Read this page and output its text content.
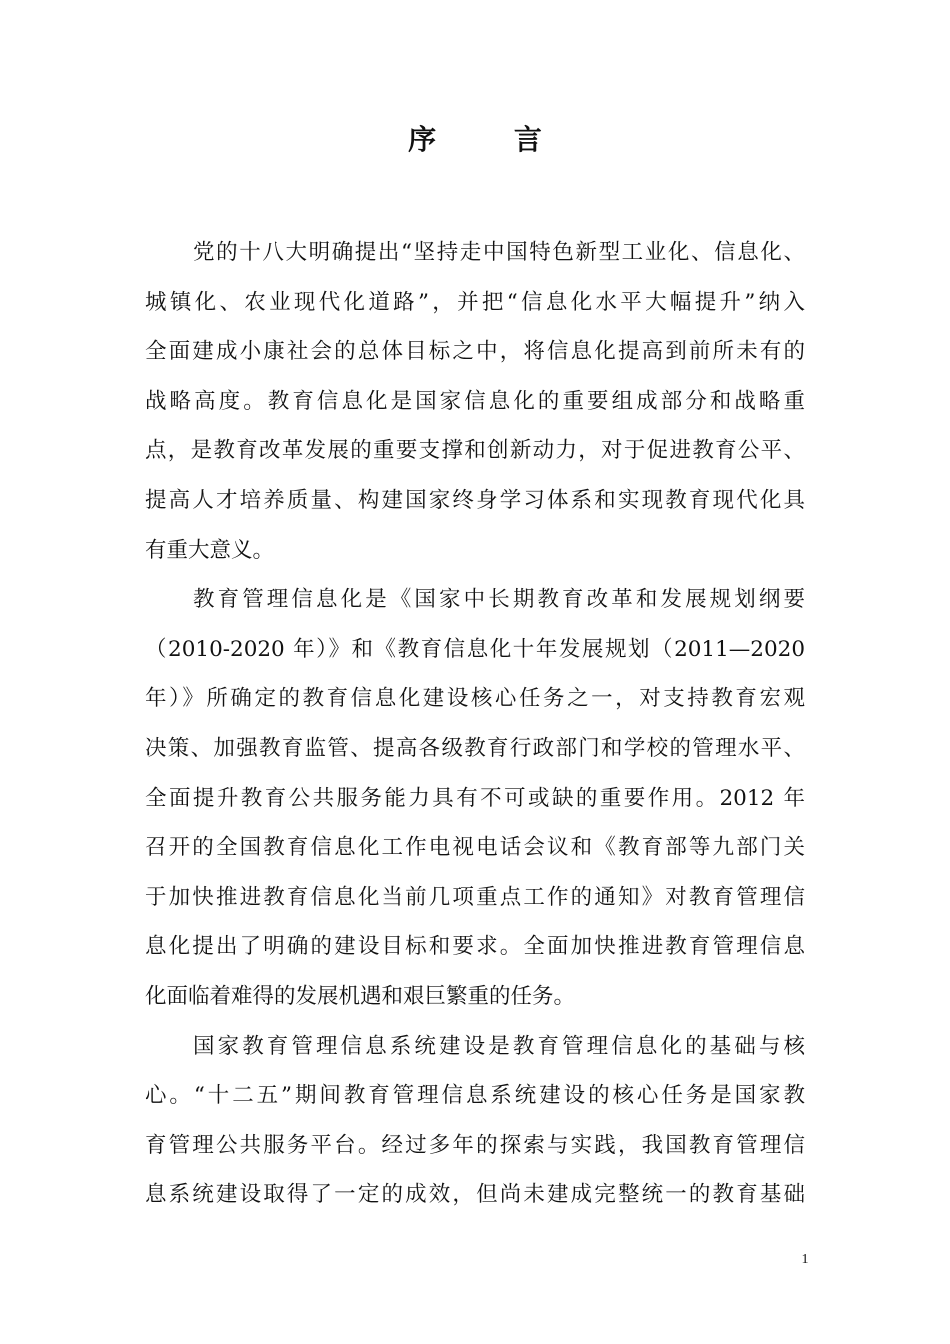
序 言
党的十八大明确提出“坚持走中国特色新型工业化、信息化、
城镇化、农业现代化道路”，并把“信息化水平大幅提升”纳入
全面建成小康社会的总体目标之中，将信息化提高到前所未有的
战略高度。教育信息化是国家信息化的重要组成部分和战略重
点，是教育改革发展的重要支撑和创新动力，对于促进教育公平、
提高人才培养质量、构建国家终身学习体系和实现教育现代化具
有重大意义。
教育管理信息化是《国家中长期教育改革和发展规划纲要
（2010-2020 年）》和《教育信息化十年发展规划（2011—2020
年）》所确定的教育信息化建设核心任务之一，对支持教育宏观
决策、加强教育监管、提高各级教育行政部门和学校的管理水平、
全面提升教育公共服务能力具有不可或缺的重要作用。2012 年
召开的全国教育信息化工作电视电话会议和《教育部等九部门关
于加快推进教育信息化当前几项重点工作的通知》对教育管理信
息化提出了明确的建设目标和要求。全面加快推进教育管理信息
化面临着难得的发展机遇和艰巨繁重的任务。
国家教育管理信息系统建设是教育管理信息化的基础与核
心。“十二五”期间教育管理信息系统建设的核心任务是国家教
育管理公共服务平台。经过多年的探索与实践，我国教育管理信
息系统建设取得了一定的成效，但尚未建成完整统一的教育基础
1
